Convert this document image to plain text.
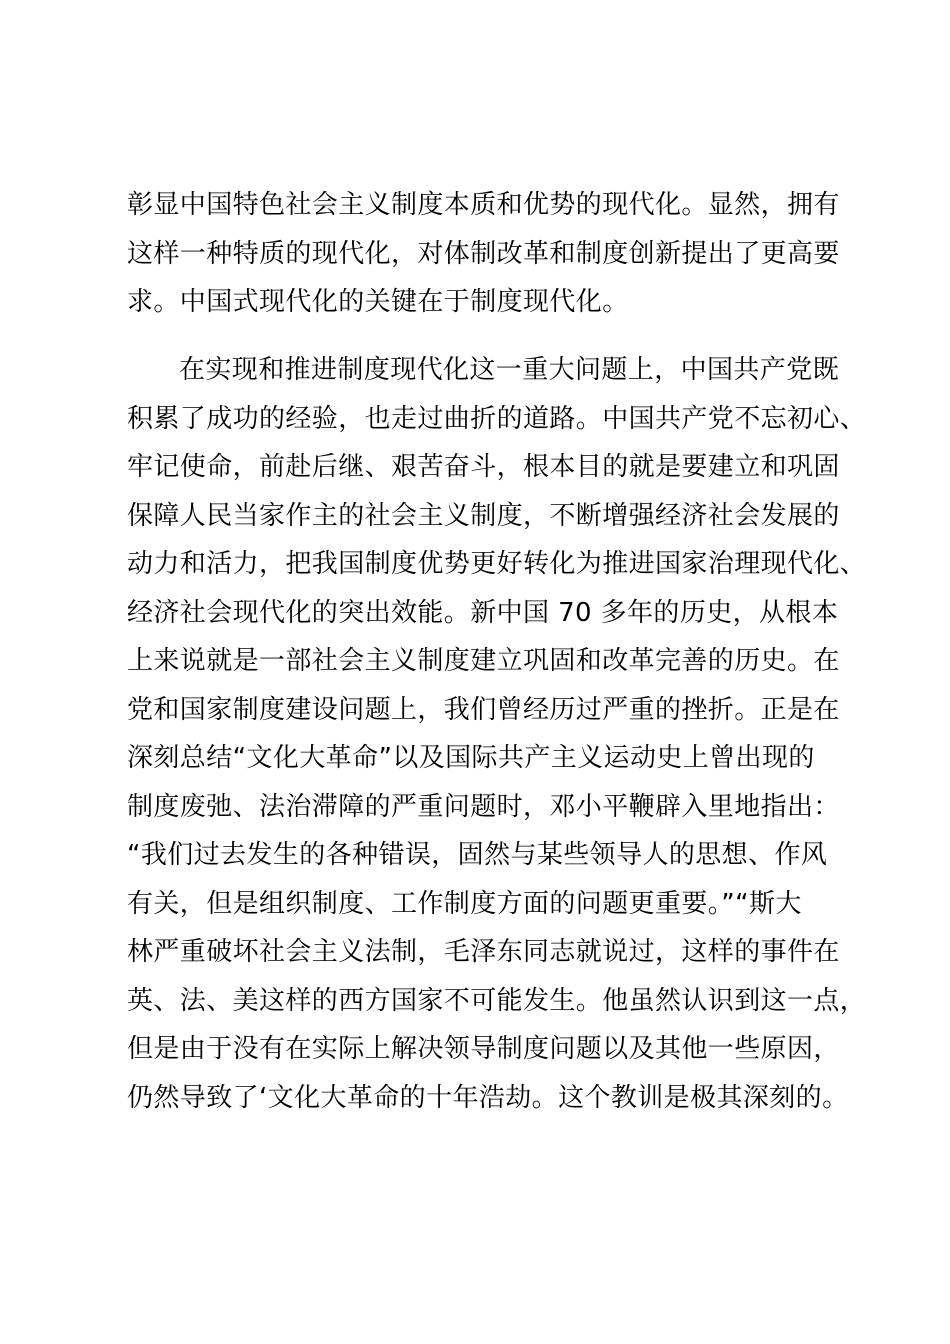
彰显中国特色社会主义制度本质和优势的现代化。显然，拥有
这样一种特质的现代化，对体制改革和制度创新提出了更高要
求。中国式现代化的关键在于制度现代化。
在实现和推进制度现代化这一重大问题上，中国共产党既
积累了成功的经验，也走过曲折的道路。中国共产党不忘初心、
牢记使命，前赴后继、艰苦奋斗，根本目的就是要建立和巩固
保障人民当家作主的社会主义制度，不断增强经济社会发展的
动力和活力，把我国制度优势更好转化为推进国家治理现代化、
经济社会现代化的突出效能。新中国 70 多年的历史，从根本
上来说就是一部社会主义制度建立巩固和改革完善的历史。在
党和国家制度建设问题上，我们曾经历过严重的挫折。正是在
深刻总结“文化大革命”以及国际共产主义运动史上曾出现的
制度废弛、法治滞障的严重问题时，邓小平鞭辟入里地指出：
“我们过去发生的各种错误，固然与某些领导人的思想、作风
有关，但是组织制度、工作制度方面的问题更重要。”“斯大
林严重破坏社会主义法制，毛泽东同志就说过，这样的事件在
英、法、美这样的西方国家不可能发生。他虽然认识到这一点，
但是由于没有在实际上解决领导制度问题以及其他一些原因，
仍然导致了‘文化大革命的十年浩劫。这个教训是极其深刻的。
